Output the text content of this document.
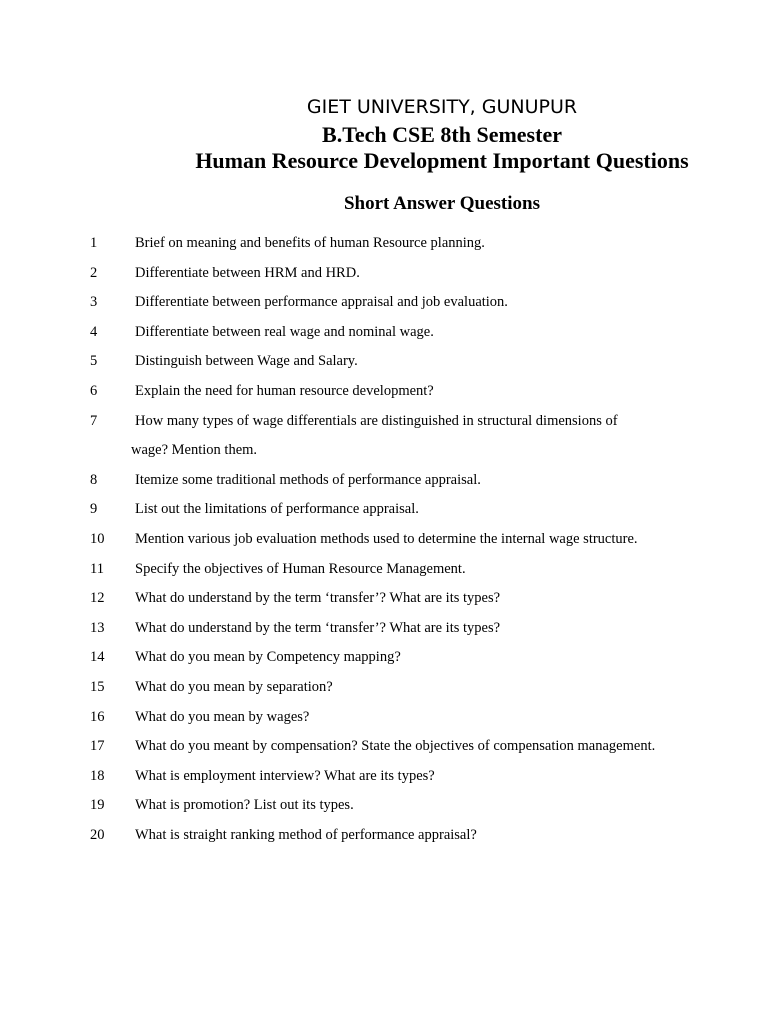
GIET UNIVERSITY, GUNUPUR
B.Tech CSE 8th Semester
Human Resource Development Important Questions
Short Answer Questions
1	Brief on meaning and benefits of human Resource planning.
2	Differentiate between HRM and HRD.
3	Differentiate between performance appraisal and job evaluation.
4	Differentiate between real wage and nominal wage.
5	Distinguish between Wage and Salary.
6	Explain the need for human resource development?
7	How many types of wage differentials are distinguished in structural dimensions of
wage? Mention them.
8	Itemize some traditional methods of performance appraisal.
9	List out the limitations of performance appraisal.
10	Mention various job evaluation methods used to determine the internal wage structure.
11	Specify the objectives of Human Resource Management.
12	What do understand by the term ‘transfer’? What are its types?
13	What do understand by the term ‘transfer’? What are its types?
14	What do you mean by Competency mapping?
15	What do you mean by separation?
16	What do you mean by wages?
17	What do you meant by compensation? State the objectives of compensation management.
18	What is employment interview? What are its types?
19	What is promotion? List out its types.
20	What is straight ranking method of performance appraisal?
